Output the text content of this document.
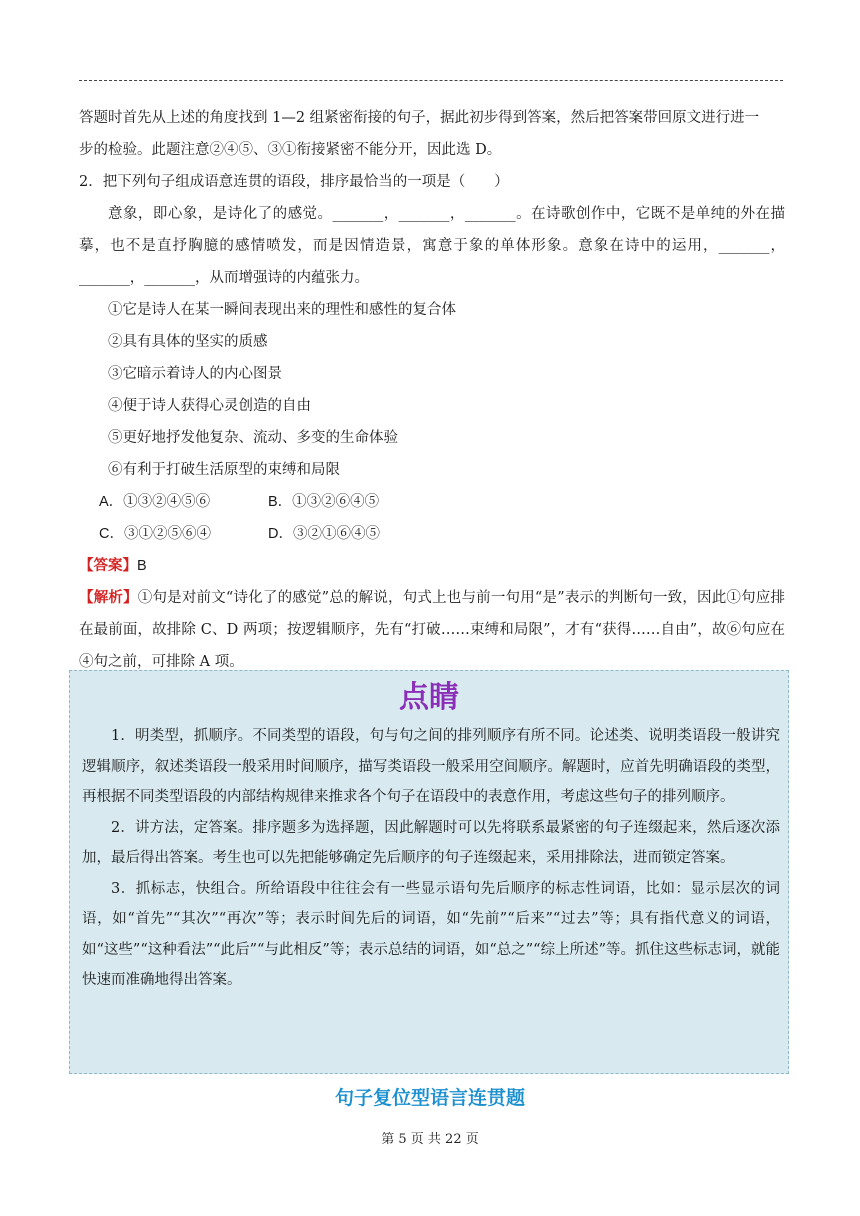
答题时首先从上述的角度找到 1—2 组紧密衔接的句子，据此初步得到答案，然后把答案带回原文进行进一

步的检验。此题注意②④⑤、③①衔接紧密不能分开，因此选 D。

2．把下列句子组成语意连贯的语段，排序最恰当的一项是（　　）

意象，即心象，是诗化了的感觉。_______，_______，_______。在诗歌创作中，它既不是单纯的外在描摹，也不是直抒胸臆的感情喷发，而是因情造景，寓意于象的单体形象。意象在诗中的运用，_______，_______，_______，从而增强诗的内蕴张力。

①它是诗人在某一瞬间表现出来的理性和感性的复合体

②具有具体的坚实的质感

③它暗示着诗人的内心图景

④便于诗人获得心灵创造的自由

⑤更好地抒发他复杂、流动、多变的生命体验

⑥有利于打破生活原型的束缚和局限

A．①③②④⑤⑥	B．①③②⑥④⑤

C．③①②⑤⑥④	D．③②①⑥④⑤

【答案】B

【解析】①句是对前文“诗化了的感觉”总的解说，句式上也与前一句用“是”表示的判断句一致，因此①句应排在最前面，故排除 C、D 两项；按逻辑顺序，先有“打破……束缚和局限”，才有“获得……自由”，故⑥句应在④句之前，可排除 A 项。

点睛

1．明类型，抓顺序。不同类型的语段，句与句之间的排列顺序有所不同。论述类、说明类语段一般讲究逻辑顺序，叙述类语段一般采用时间顺序，描写类语段一般采用空间顺序。解题时，应首先明确语段的类型，再根据不同类型语段的内部结构规律来推求各个句子在语段中的表意作用，考虑这些句子的排列顺序。

2．讲方法，定答案。排序题多为选择题，因此解题时可以先将联系最紧密的句子连缀起来，然后逐次添加，最后得出答案。考生也可以先把能够确定先后顺序的句子连缀起来，采用排除法，进而锁定答案。

3．抓标志，快组合。所给语段中往往会有一些显示语句先后顺序的标志性词语，比如：显示层次的词语，如“首先”“其次”“再次”等；表示时间先后的词语，如“先前”“后来”“过去”等；具有指代意义的词语，如“这些”“这种看法”“此后”“与此相反”等；表示总结的词语，如“总之”“综上所述”等。抓住这些标志词，就能快速而准确地得出答案。

句子复位型语言连贯题
第 5 页 共 22 页
